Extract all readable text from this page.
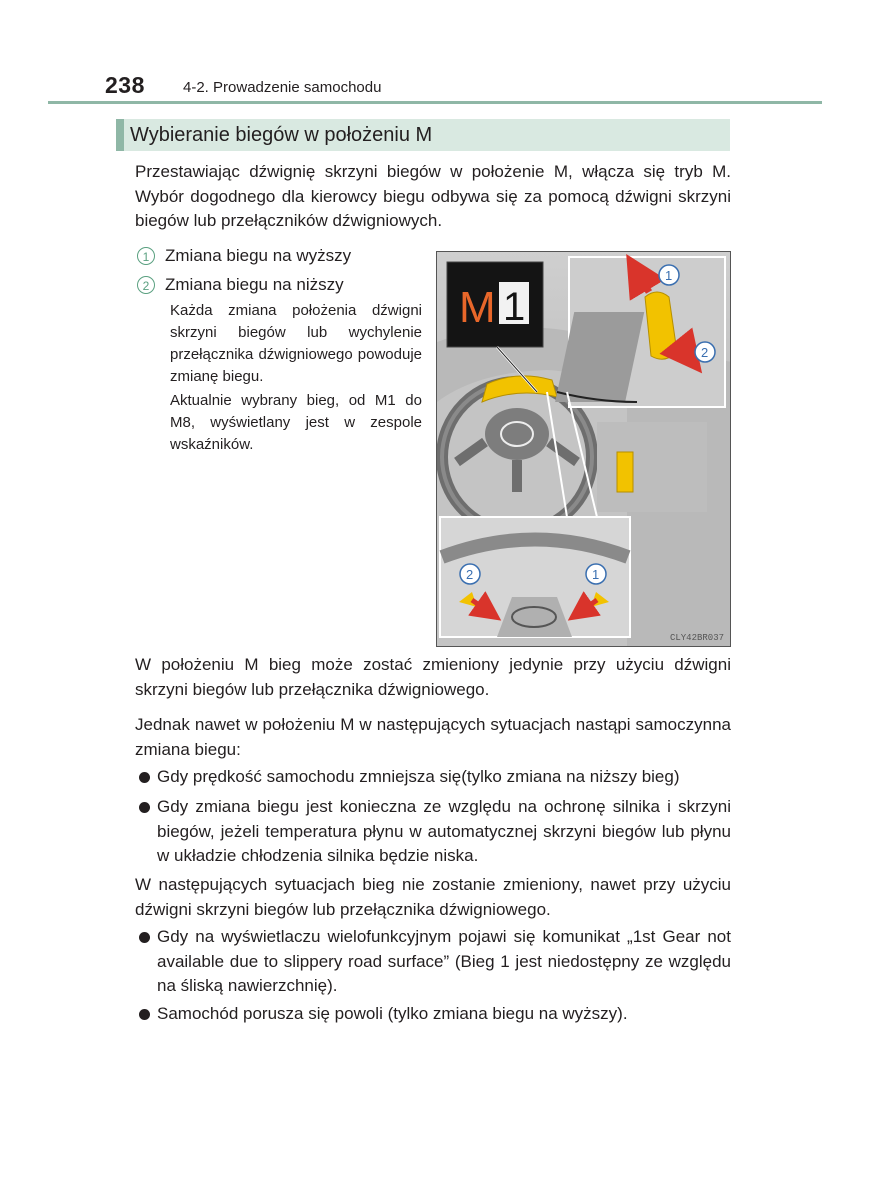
238	4-2. Prowadzenie samochodu
Wybieranie biegów w położeniu M

Przestawiając dźwignię skrzyni biegów w położenie M, włącza się tryb M. Wybór dogodnego dla kierowcy biegu odbywa się za pomocą dźwigni skrzyni biegów lub przełączników dźwigniowych.

1 Zmiana biegu na wyższy
2 Zmiana biegu na niższy

Każda zmiana położenia dźwigni skrzyni biegów lub wychylenie przełącznika dźwigniowego powoduje zmianę biegu.

Aktualnie wybrany bieg, od M1 do M8, wyświetlany jest w zespole wskaźników.

M 1
1
2
2	1
CLY42BR037

W położeniu M bieg może zostać zmieniony jedynie przy użyciu dźwigni skrzyni biegów lub przełącznika dźwigniowego.

Jednak nawet w położeniu M w następujących sytuacjach nastąpi samoczynna zmiana biegu:

Gdy prędkość samochodu zmniejsza się(tylko zmiana na niższy bieg)

Gdy zmiana biegu jest konieczna ze względu na ochronę silnika i skrzyni biegów, jeżeli temperatura płynu w automatycznej skrzyni biegów lub płynu w układzie chłodzenia silnika będzie niska.

W następujących sytuacjach bieg nie zostanie zmieniony, nawet przy użyciu dźwigni skrzyni biegów lub przełącznika dźwigniowego.

Gdy na wyświetlaczu wielofunkcyjnym pojawi się komunikat „1st Gear not available due to slippery road surface” (Bieg 1 jest niedostępny ze względu na śliską nawierzchnię).

Samochód porusza się powoli (tylko zmiana biegu na wyższy).
